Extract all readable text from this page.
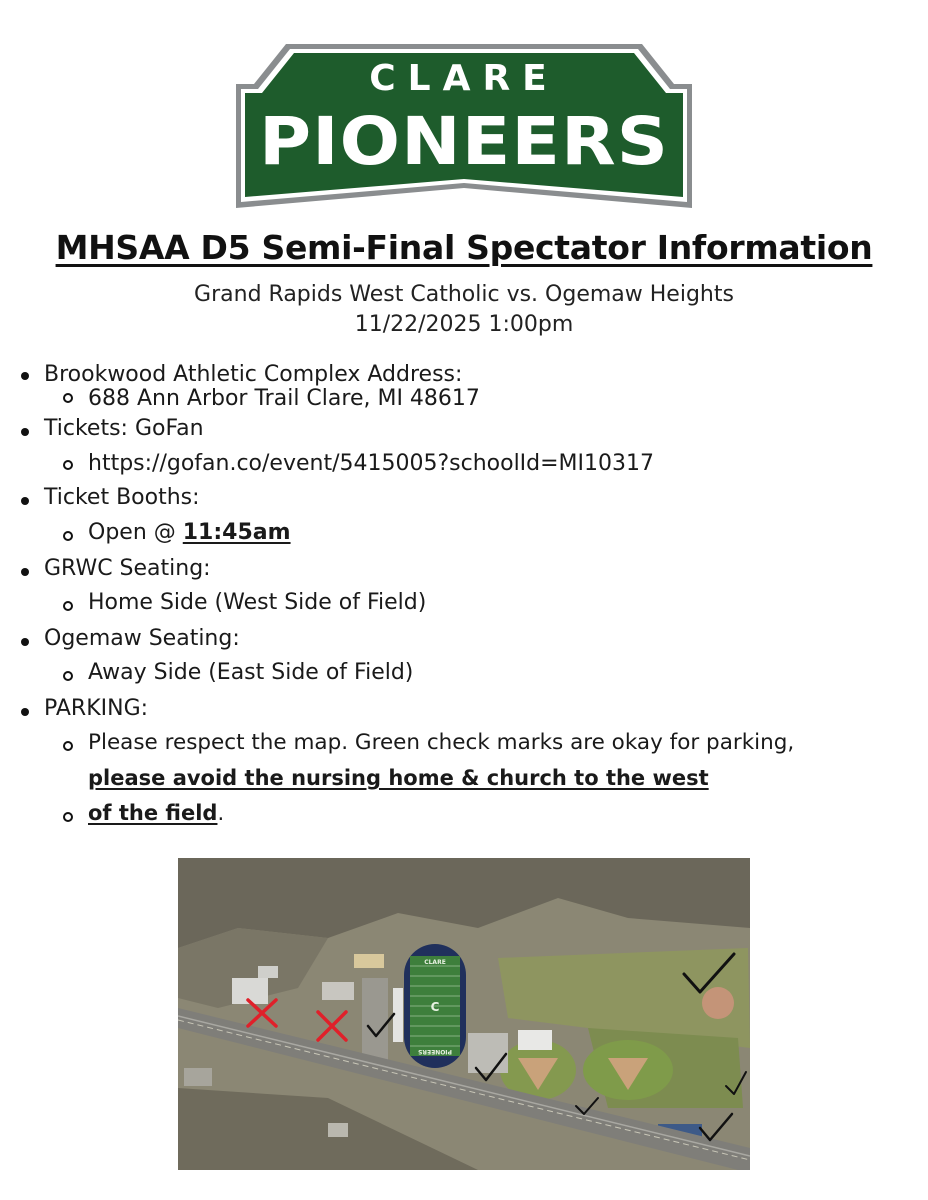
CLARE
PIONEERS
MHSAA D5 Semi-Final Spectator Information
Grand Rapids West Catholic vs. Ogemaw Heights
11/22/2025 1:00pm
Brookwood Athletic Complex Address:
688 Ann Arbor Trail Clare, MI 48617
Tickets: GoFan
https://gofan.co/event/5415005?schoolId=MI10317
Ticket Booths:
Open @ 11:45am
GRWC Seating:
Home Side (West Side of Field)
Ogemaw Seating:
Away Side (East Side of Field)
PARKING:
Please respect the map. Green check marks are okay for parking,
please avoid the nursing home & church to the west
of the field.
CLARE
C
PIONEERS
